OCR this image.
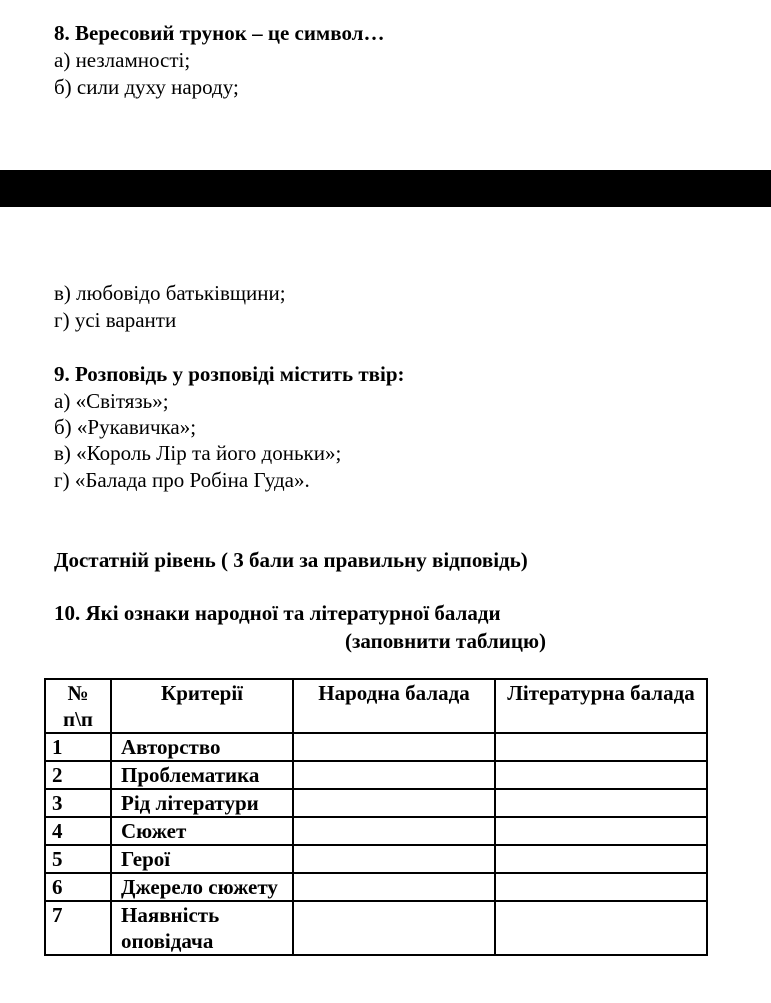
8. Вересовий трунок – це символ…
а) незламності;
б) сили духу народу;
в) любовідо батьківщини;
г) усі варанти
9. Розповідь у розповіді містить твір:
а) «Світязь»;
б) «Рукавичка»;
в) «Король Лір та його доньки»;
г) «Балада про Робіна Гуда».
Достатній рівень ( 3 бали за правильну відповідь)
10. Які ознаки народної та літературної балади
(заповнити таблицю)
№ п\п	Критерії	Народна балада	Літературна балада
1	Авторство		
2	Проблематика		
3	Рід літератури		
4	Сюжет		
5	Герої		
6	Джерело сюжету		
7	Наявність оповідача		
